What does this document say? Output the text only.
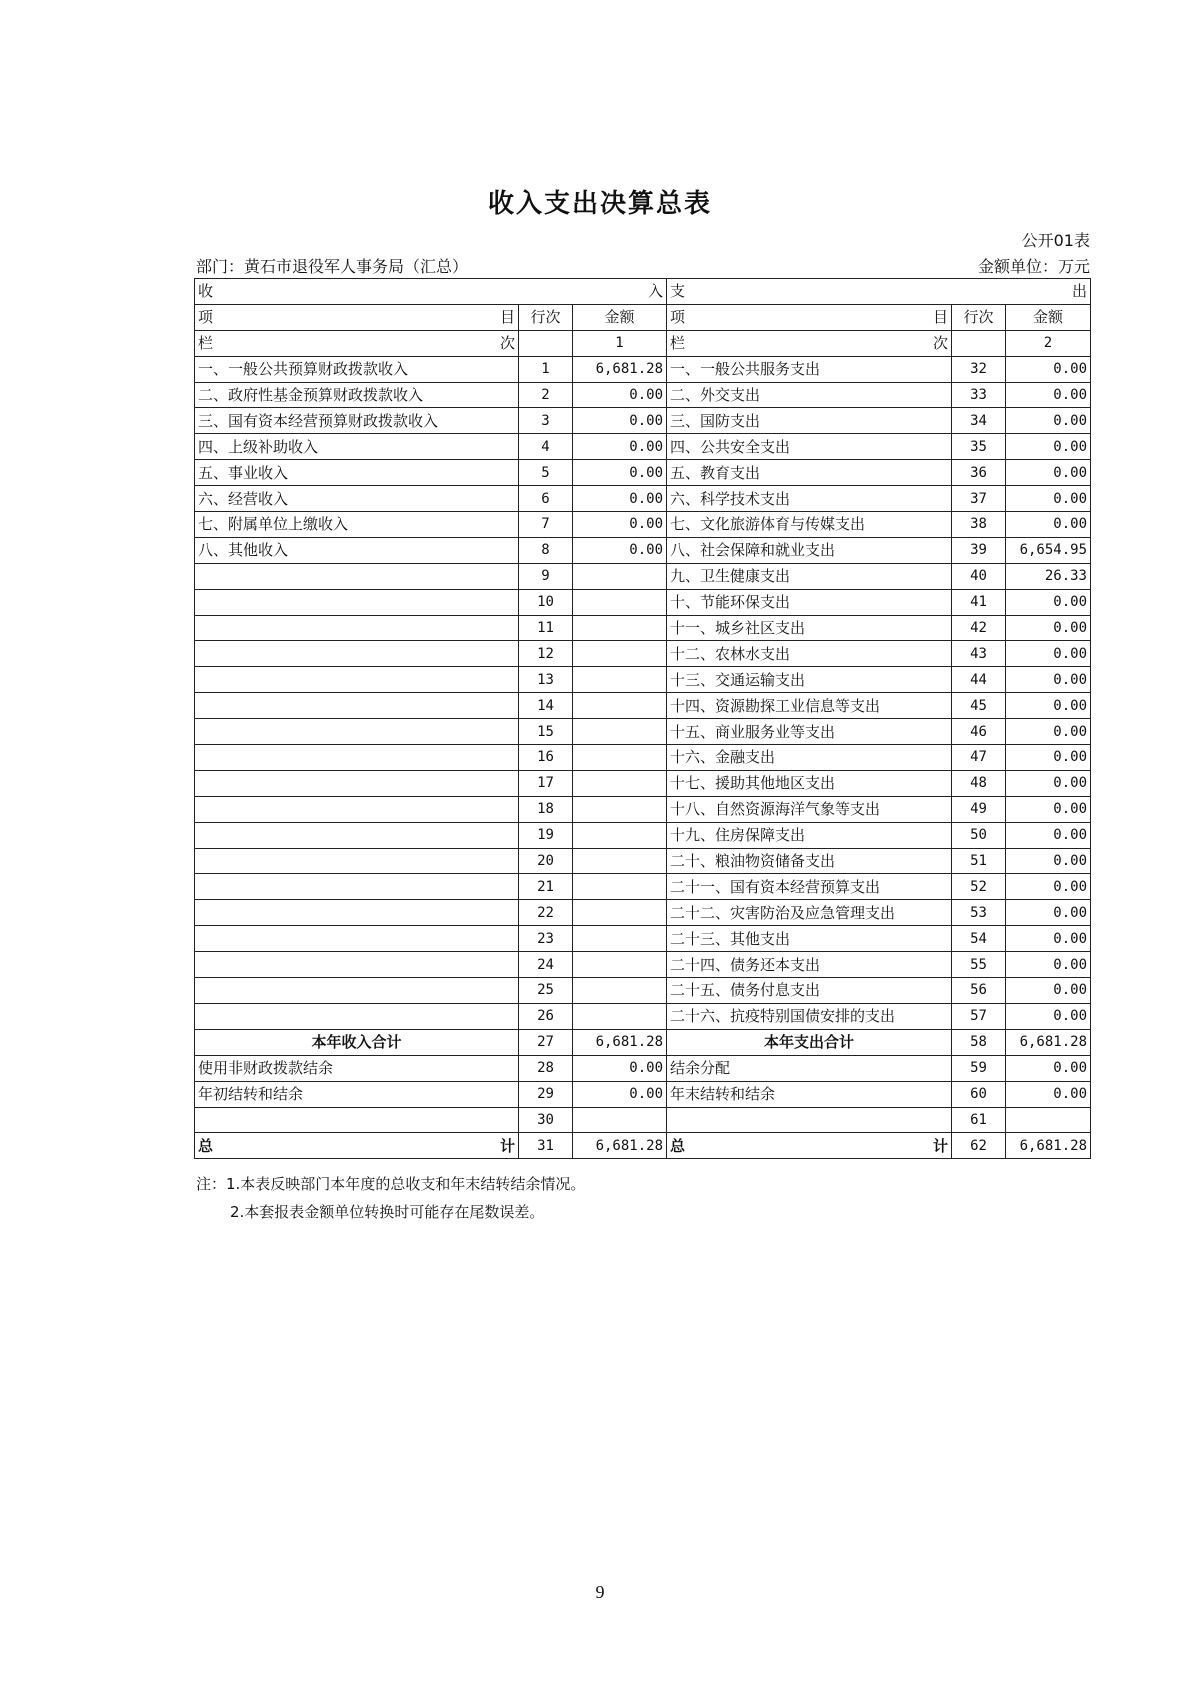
收入支出决算总表
公开01表
部门：黄石市退役军人事务局（汇总）	金额单位：万元
收 入			支 出		

项 目	行次	金额	项 目	行次	金额

栏 次		1	栏 次		2
一、一般公共预算财政拨款收入	1	6,681.28	一、一般公共服务支出	32	0.00
二、政府性基金预算财政拨款收入	2	0.00	二、外交支出	33	0.00
三、国有资本经营预算财政拨款收入	3	0.00	三、国防支出	34	0.00
四、上级补助收入	4	0.00	四、公共安全支出	35	0.00
五、事业收入	5	0.00	五、教育支出	36	0.00
六、经营收入	6	0.00	六、科学技术支出	37	0.00
七、附属单位上缴收入	7	0.00	七、文化旅游体育与传媒支出	38	0.00
八、其他收入	8	0.00	八、社会保障和就业支出	39	6,654.95
	9		九、卫生健康支出	40	26.33
	10		十、节能环保支出	41	0.00
	11		十一、城乡社区支出	42	0.00
	12		十二、农林水支出	43	0.00
	13		十三、交通运输支出	44	0.00
	14		十四、资源勘探工业信息等支出	45	0.00
	15		十五、商业服务业等支出	46	0.00
	16		十六、金融支出	47	0.00
	17		十七、援助其他地区支出	48	0.00
	18		十八、自然资源海洋气象等支出	49	0.00
	19		十九、住房保障支出	50	0.00
	20		二十、粮油物资储备支出	51	0.00
	21		二十一、国有资本经营预算支出	52	0.00
	22		二十二、灾害防治及应急管理支出	53	0.00
	23		二十三、其他支出	54	0.00
	24		二十四、债务还本支出	55	0.00
	25		二十五、债务付息支出	56	0.00
	26		二十六、抗疫特别国债安排的支出	57	0.00
本年收入合计	27	6,681.28	本年支出合计	58	6,681.28
使用非财政拨款结余	28	0.00	结余分配	59	0.00
年初结转和结余	29	0.00	年末结转和结余	60	0.00
	30			61	

总 计	31	6,681.28	总 计	62	6,681.28
注：1.本表反映部门本年度的总收支和年末结转结余情况。
2.本套报表金额单位转换时可能存在尾数误差。
9
